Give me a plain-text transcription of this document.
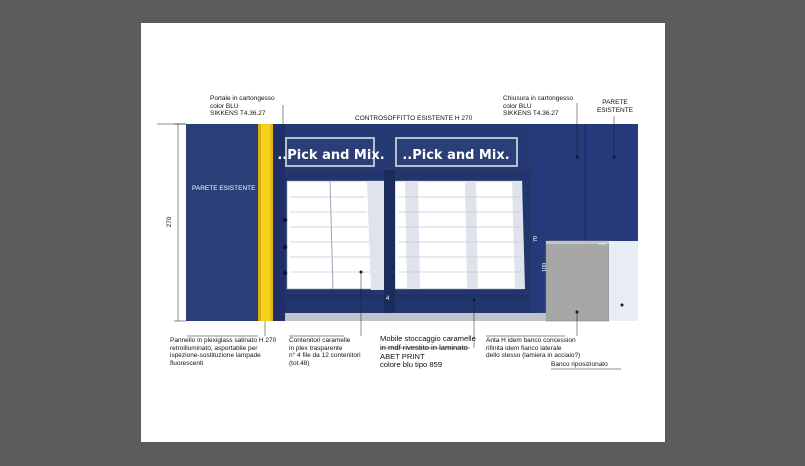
..Pick and Mix. ..Pick and Mix.
4
270
70
100
Portale in cartongesso
color BLU
SIKKENS T4.36.27
Chiusura in cartongesso
color BLU
SIKKENS T4.36.27
PARETE
ESISTENTE
CONTROSOFFITTO ESISTENTE H 270
PARETE ESISTENTE
Pannello in plexiglass satinato H 270
retroilluminato, asportabile per
ispezione-sostituzione lampade
fluorescenti
Contenitori caramelle
in plex trasparente
n° 4 file da 12 contenitori
(tot.48)
Mobile stoccaggio caramelle
in mdf rivestito in laminato
ABET PRINT
colore blu tipo 859
Anta H idem banco concession
rifinita idem fianco laterale
dello stesso (lamiera in acciaio?)
Banco riposizionato
